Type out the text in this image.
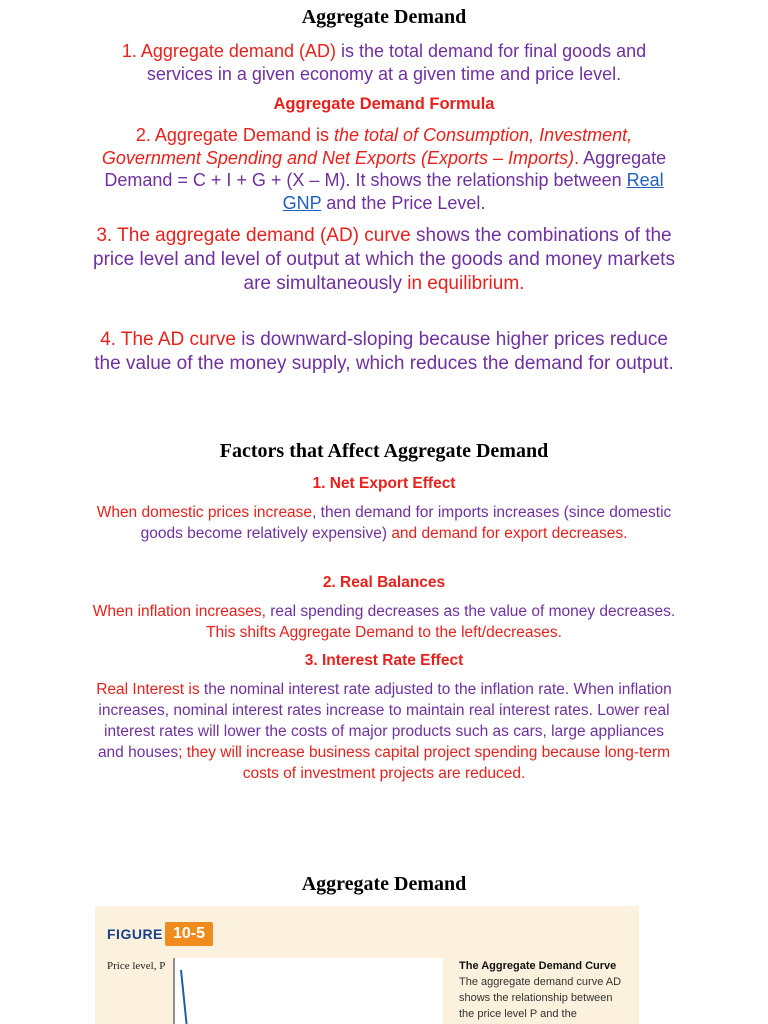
Aggregate Demand

1. Aggregate demand (AD) is the total demand for final goods and services in a given economy at a given time and price level.

Aggregate Demand Formula

2. Aggregate Demand is the total of Consumption, Investment, Government Spending and Net Exports (Exports – Imports). Aggregate Demand = C + I + G + (X – M). It shows the relationship between Real GNP and the Price Level.

3. The aggregate demand (AD) curve shows the combinations of the price level and level of output at which the goods and money markets are simultaneously in equilibrium.

4. The AD curve is downward-sloping because higher prices reduce the value of the money supply, which reduces the demand for output.

Factors that Affect Aggregate Demand
1. Net Export Effect

When domestic prices increase, then demand for imports increases (since domestic goods become relatively expensive) and demand for export decreases.

2. Real Balances

When inflation increases, real spending decreases as the value of money decreases. This shifts Aggregate Demand to the left/decreases.

3. Interest Rate Effect

Real Interest is the nominal interest rate adjusted to the inflation rate. When inflation increases, nominal interest rates increase to maintain real interest rates. Lower real interest rates will lower the costs of major products such as cars, large appliances and houses; they will increase business capital project spending because long-term costs of investment projects are reduced.

Aggregate Demand
FIGURE 10-5
Price level, P	The Aggregate Demand Curve The aggregate demand curve AD shows the relationship between the price level P and the
